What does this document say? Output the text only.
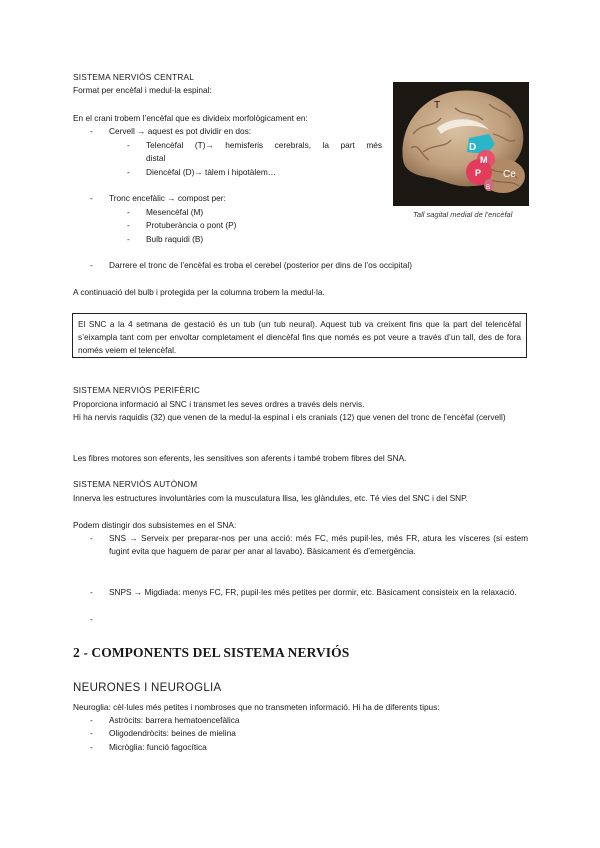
SISTEMA NERVIÓS CENTRAL
Format per encèfal i medul·la espinal:
En el crani trobem l’encèfal que es divideix morfològicament en:
- Cervell → aquest es pot dividir en dos:
- Telencèfal (T)→ hemisferis cerebrals, la part més
distal
- Diencèfal (D)→ tàlem i hipotàlem…
- Tronc encefàlic → compost per:
- Mesencèfal (M)
- Protuberància o pont (P)
- Bulb raquidi (B)
- Darrere el tronc de l’encèfal es troba el cerebel (posterior per dins de l’os occipital)
A continuació del bulb i protegida per la columna trobem la medul·la.
El SNC a la 4 setmana de gestació és un tub (un tub neural). Aquest tub va creixent fins que la part del telencèfal s’eixampla tant com per envoltar completament el diencèfal fins que només es pot veure a través d’un tall, des de fora només veiem el telencèfal.
T
D
M
P Ce
B
Tall sagital medial de l’encèfal
SISTEMA NERVIÓS PERIFÈRIC
Proporciona informació al SNC i transmet les seves ordres a través dels nervis.
Hi ha nervis raquidis (32) que venen de la medul·la espinal i els cranials (12) que venen del tronc de l’encèfal (cervell)
Les fibres motores son eferents, les sensitives son aferents i també trobem fibres del SNA.
SISTEMA NERVIÓS AUTÒNOM
Innerva les estructures involuntàries com la musculatura llisa, les glàndules, etc. Té vies del SNC i del SNP.
Podem distingir dos subsistemes en el SNA:
- SNS → Serveix per preparar-nos per una acció: més FC, més pupil·les, més FR, atura les vísceres (si estem fugint evita que haguem de parar per anar al lavabo). Bàsicament és d’emergència.
- SNPS → Migdiada: menys FC, FR, pupil·les més petites per dormir, etc. Bàsicament consisteix en la relaxació.
-
2 - COMPONENTS DEL SISTEMA NERVIÓS
NEURONES I NEUROGLIA
Neuroglia: cèl·lules més petites i nombroses que no transmeten informació. Hi ha de diferents tipus:
- Astròcits: barrera hematoencefàlica
- Oligodendròcits: beines de mielina
- Micròglia: funció fagocítica
